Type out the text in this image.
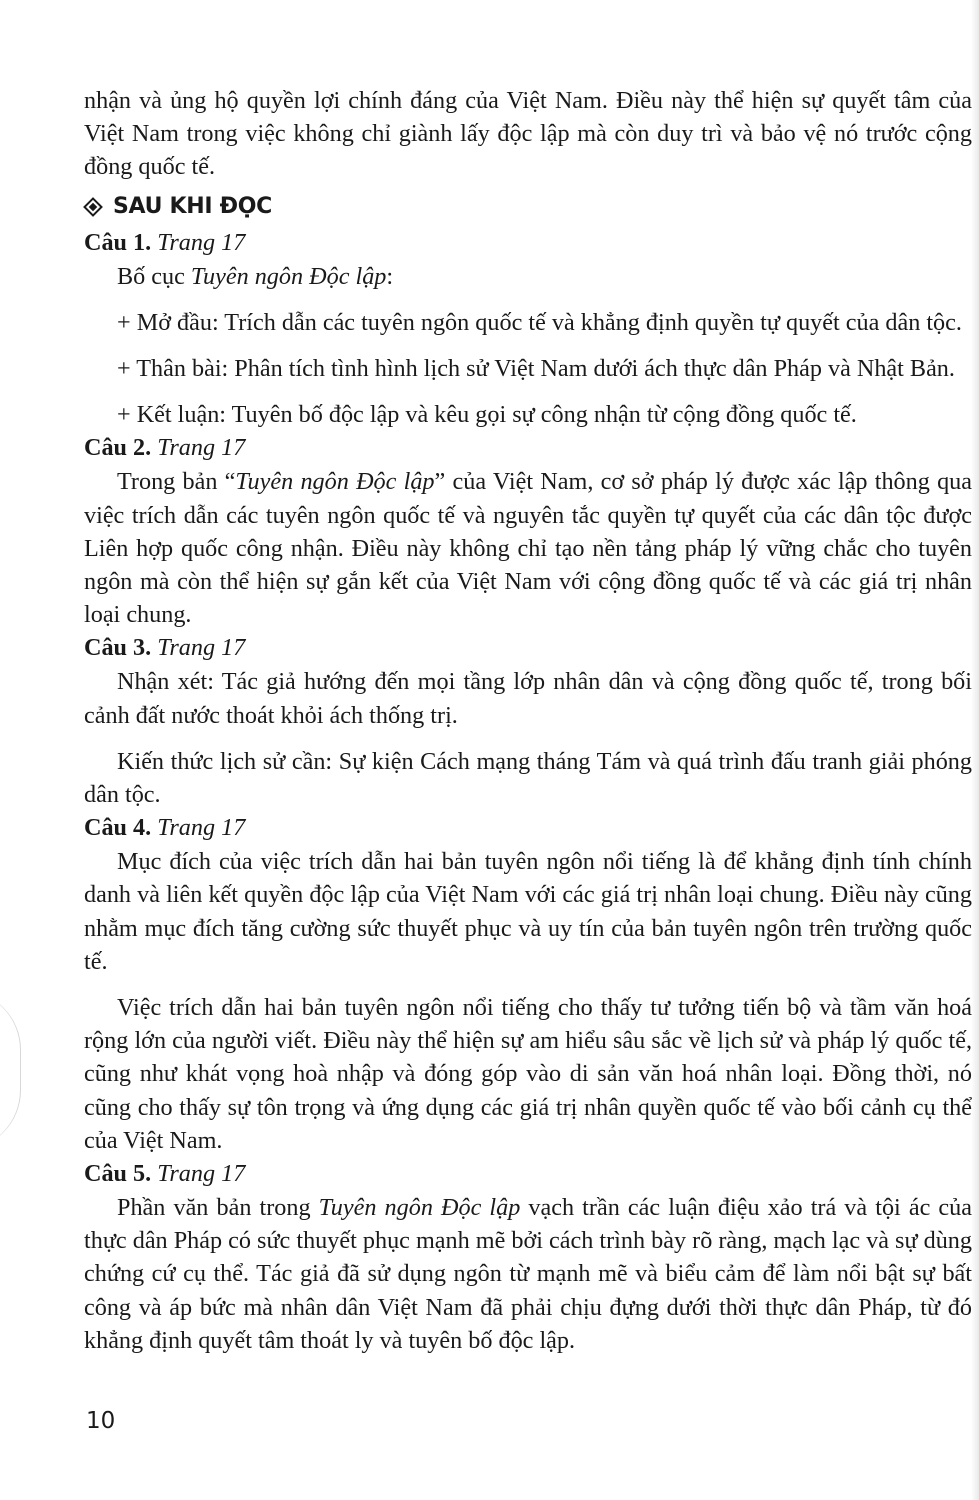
nhận và ủng hộ quyền lợi chính đáng của Việt Nam. Điều này thể hiện sự quyết tâm của Việt Nam trong việc không chỉ giành lấy độc lập mà còn duy trì và bảo vệ nó trước cộng đồng quốc tế.

SAU KHI ĐỌC
Câu 1. Trang 17

Bố cục Tuyên ngôn Độc lập:

+ Mở đầu: Trích dẫn các tuyên ngôn quốc tế và khẳng định quyền tự quyết của dân tộc.

+ Thân bài: Phân tích tình hình lịch sử Việt Nam dưới ách thực dân Pháp và Nhật Bản.

+ Kết luận: Tuyên bố độc lập và kêu gọi sự công nhận từ cộng đồng quốc tế.

Câu 2. Trang 17

Trong bản “Tuyên ngôn Độc lập” của Việt Nam, cơ sở pháp lý được xác lập thông qua việc trích dẫn các tuyên ngôn quốc tế và nguyên tắc quyền tự quyết của các dân tộc được Liên hợp quốc công nhận. Điều này không chỉ tạo nền tảng pháp lý vững chắc cho tuyên ngôn mà còn thể hiện sự gắn kết của Việt Nam với cộng đồng quốc tế và các giá trị nhân loại chung.

Câu 3. Trang 17

Nhận xét: Tác giả hướng đến mọi tầng lớp nhân dân và cộng đồng quốc tế, trong bối cảnh đất nước thoát khỏi ách thống trị.

Kiến thức lịch sử cần: Sự kiện Cách mạng tháng Tám và quá trình đấu tranh giải phóng dân tộc.

Câu 4. Trang 17

Mục đích của việc trích dẫn hai bản tuyên ngôn nổi tiếng là để khẳng định tính chính danh và liên kết quyền độc lập của Việt Nam với các giá trị nhân loại chung. Điều này cũng nhằm mục đích tăng cường sức thuyết phục và uy tín của bản tuyên ngôn trên trường quốc tế.

Việc trích dẫn hai bản tuyên ngôn nổi tiếng cho thấy tư tưởng tiến bộ và tầm văn hoá rộng lớn của người viết. Điều này thể hiện sự am hiểu sâu sắc về lịch sử và pháp lý quốc tế, cũng như khát vọng hoà nhập và đóng góp vào di sản văn hoá nhân loại. Đồng thời, nó cũng cho thấy sự tôn trọng và ứng dụng các giá trị nhân quyền quốc tế vào bối cảnh cụ thể của Việt Nam.

Câu 5. Trang 17

Phần văn bản trong Tuyên ngôn Độc lập vạch trần các luận điệu xảo trá và tội ác của thực dân Pháp có sức thuyết phục mạnh mẽ bởi cách trình bày rõ ràng, mạch lạc và sự dùng chứng cứ cụ thể. Tác giả đã sử dụng ngôn từ mạnh mẽ và biểu cảm để làm nổi bật sự bất công và áp bức mà nhân dân Việt Nam đã phải chịu đựng dưới thời thực dân Pháp, từ đó khẳng định quyết tâm thoát ly và tuyên bố độc lập.

10
